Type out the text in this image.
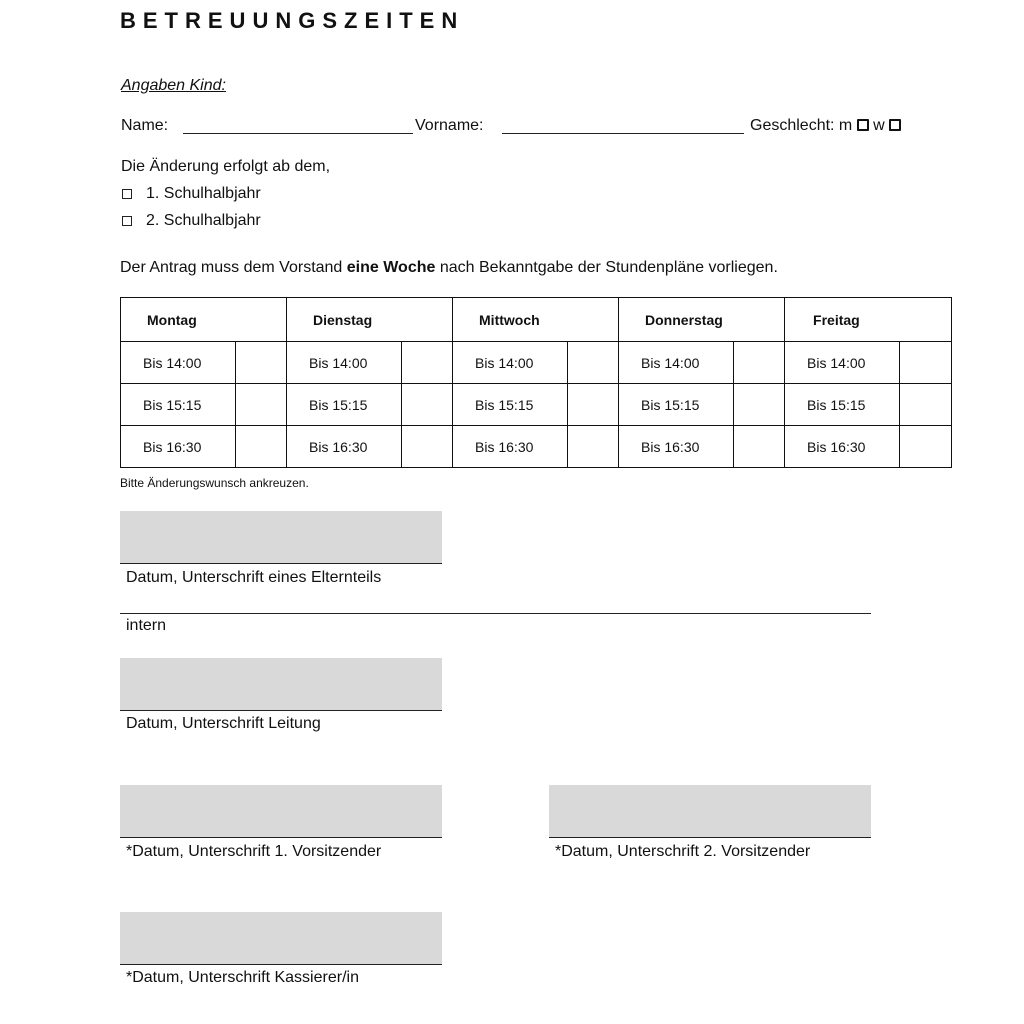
BETREUUNGSZEITEN
Angaben Kind:
Name:	Vorname:	Geschlecht: m w
Die Änderung erfolgt ab dem,
1. Schulhalbjahr
2. Schulhalbjahr
Der Antrag muss dem Vorstand eine Woche nach Bekanntgabe der Stundenpläne vorliegen.
Montag		Dienstag		Mittwoch		Donnerstag		Freitag	
Bis 14:00		Bis 14:00		Bis 14:00		Bis 14:00		Bis 14:00	
Bis 15:15		Bis 15:15		Bis 15:15		Bis 15:15		Bis 15:15	
Bis 16:30		Bis 16:30		Bis 16:30		Bis 16:30		Bis 16:30	
Bitte Änderungswunsch ankreuzen.
Datum, Unterschrift eines Elternteils
intern
Datum, Unterschrift Leitung
*Datum, Unterschrift 1. Vorsitzender	*Datum, Unterschrift 2. Vorsitzender
*Datum, Unterschrift Kassierer/in
